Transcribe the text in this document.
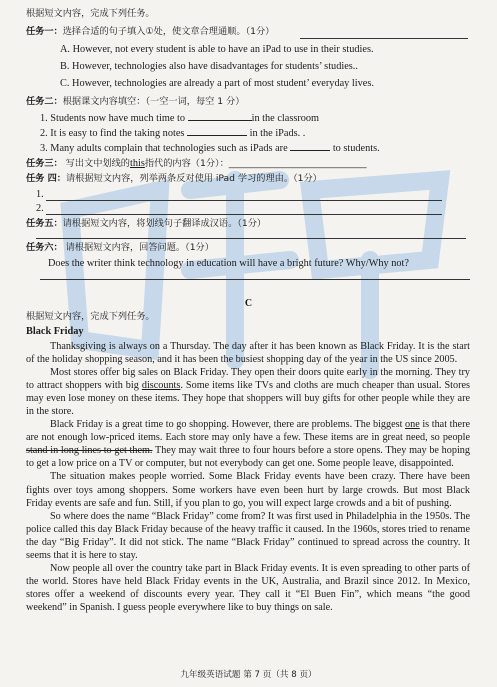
根据短文内容，完成下列任务。
任务一：选择合适的句子填入①处，使文章合理通顺。（1分）
A. However, not every student is able to have an iPad to use in their studies.
B. However, technologies also have disadvantages for students’ studies..
C. However, technologies are already a part of most student’ everyday lives.
任务二：根据课文内容填空：（一空一词，每空 1 分）
1. Students now have much time to	in the classroom
2. It is easy to find the taking notes	in the iPads. .
3. Many adults complain that technologies such as iPads are	to students.
任务三： 写出文中划线的this指代的内容（1分）：______________________________
任务 四：请根据短文内容，列举两条反对使用 iPad 学习的理由。（1分）
1.
2.
任务五：请根据短文内容，将划线句子翻译成汉语。（1分）
任务六： 请根据短文内容，回答问题。（1分）
Does the writer think technology in education will have a bright future? Why/Why not?
C
根据短文内容，完成下列任务。
Black Friday
Thanksgiving is always on a Thursday. The day after it has been known as Black Friday. It is the start of the holiday shopping season, and it has been the busiest shopping day of the year in the US since 2005.
Most stores offer big sales on Black Friday. They open their doors quite early in the morning. They try to attract shoppers with big discounts. Some items like TVs and cloths are much cheaper than usual. Stores may even lose money on these items. They hope that shoppers will buy gifts for other people while they are in the store.
Black Friday is a great time to go shopping. However, there are problems. The biggest one is that there are not enough low-priced items. Each store may only have a few. These items are in great need, so people stand in long lines to get them. They may wait three to four hours before a store opens. They may be hoping to get a low price on a TV or computer, but not everybody can get one. Some people leave, disappointed.
The situation makes people worried. Some Black Friday events have been crazy. There have been fights over toys among shoppers. Some workers have even been hurt by large crowds. But most Black Friday events are safe and fun. Still, if you plan to go, you will expect large crowds and a bit of pushing.
So where does the name “Black Friday” come from? It was first used in Philadelphia in the 1950s. The police called this day Black Friday because of the heavy traffic it caused. In the 1960s, stores tried to rename the day “Big Friday”. It did not stick. The name “Black Friday” continued to spread across the country. It seems that it is here to stay.
Now people all over the country take part in Black Friday events. It is even spreading to other parts of the world. Stores have held Black Friday events in the UK, Australia, and Brazil since 2012. In Mexico, stores offer a weekend of discounts every year. They call it “El Buen Fin”, which means “the good weekend” in Spanish. I guess people everywhere like to buy things on sale.
九年级英语试题 第 7 页（共 8 页）
